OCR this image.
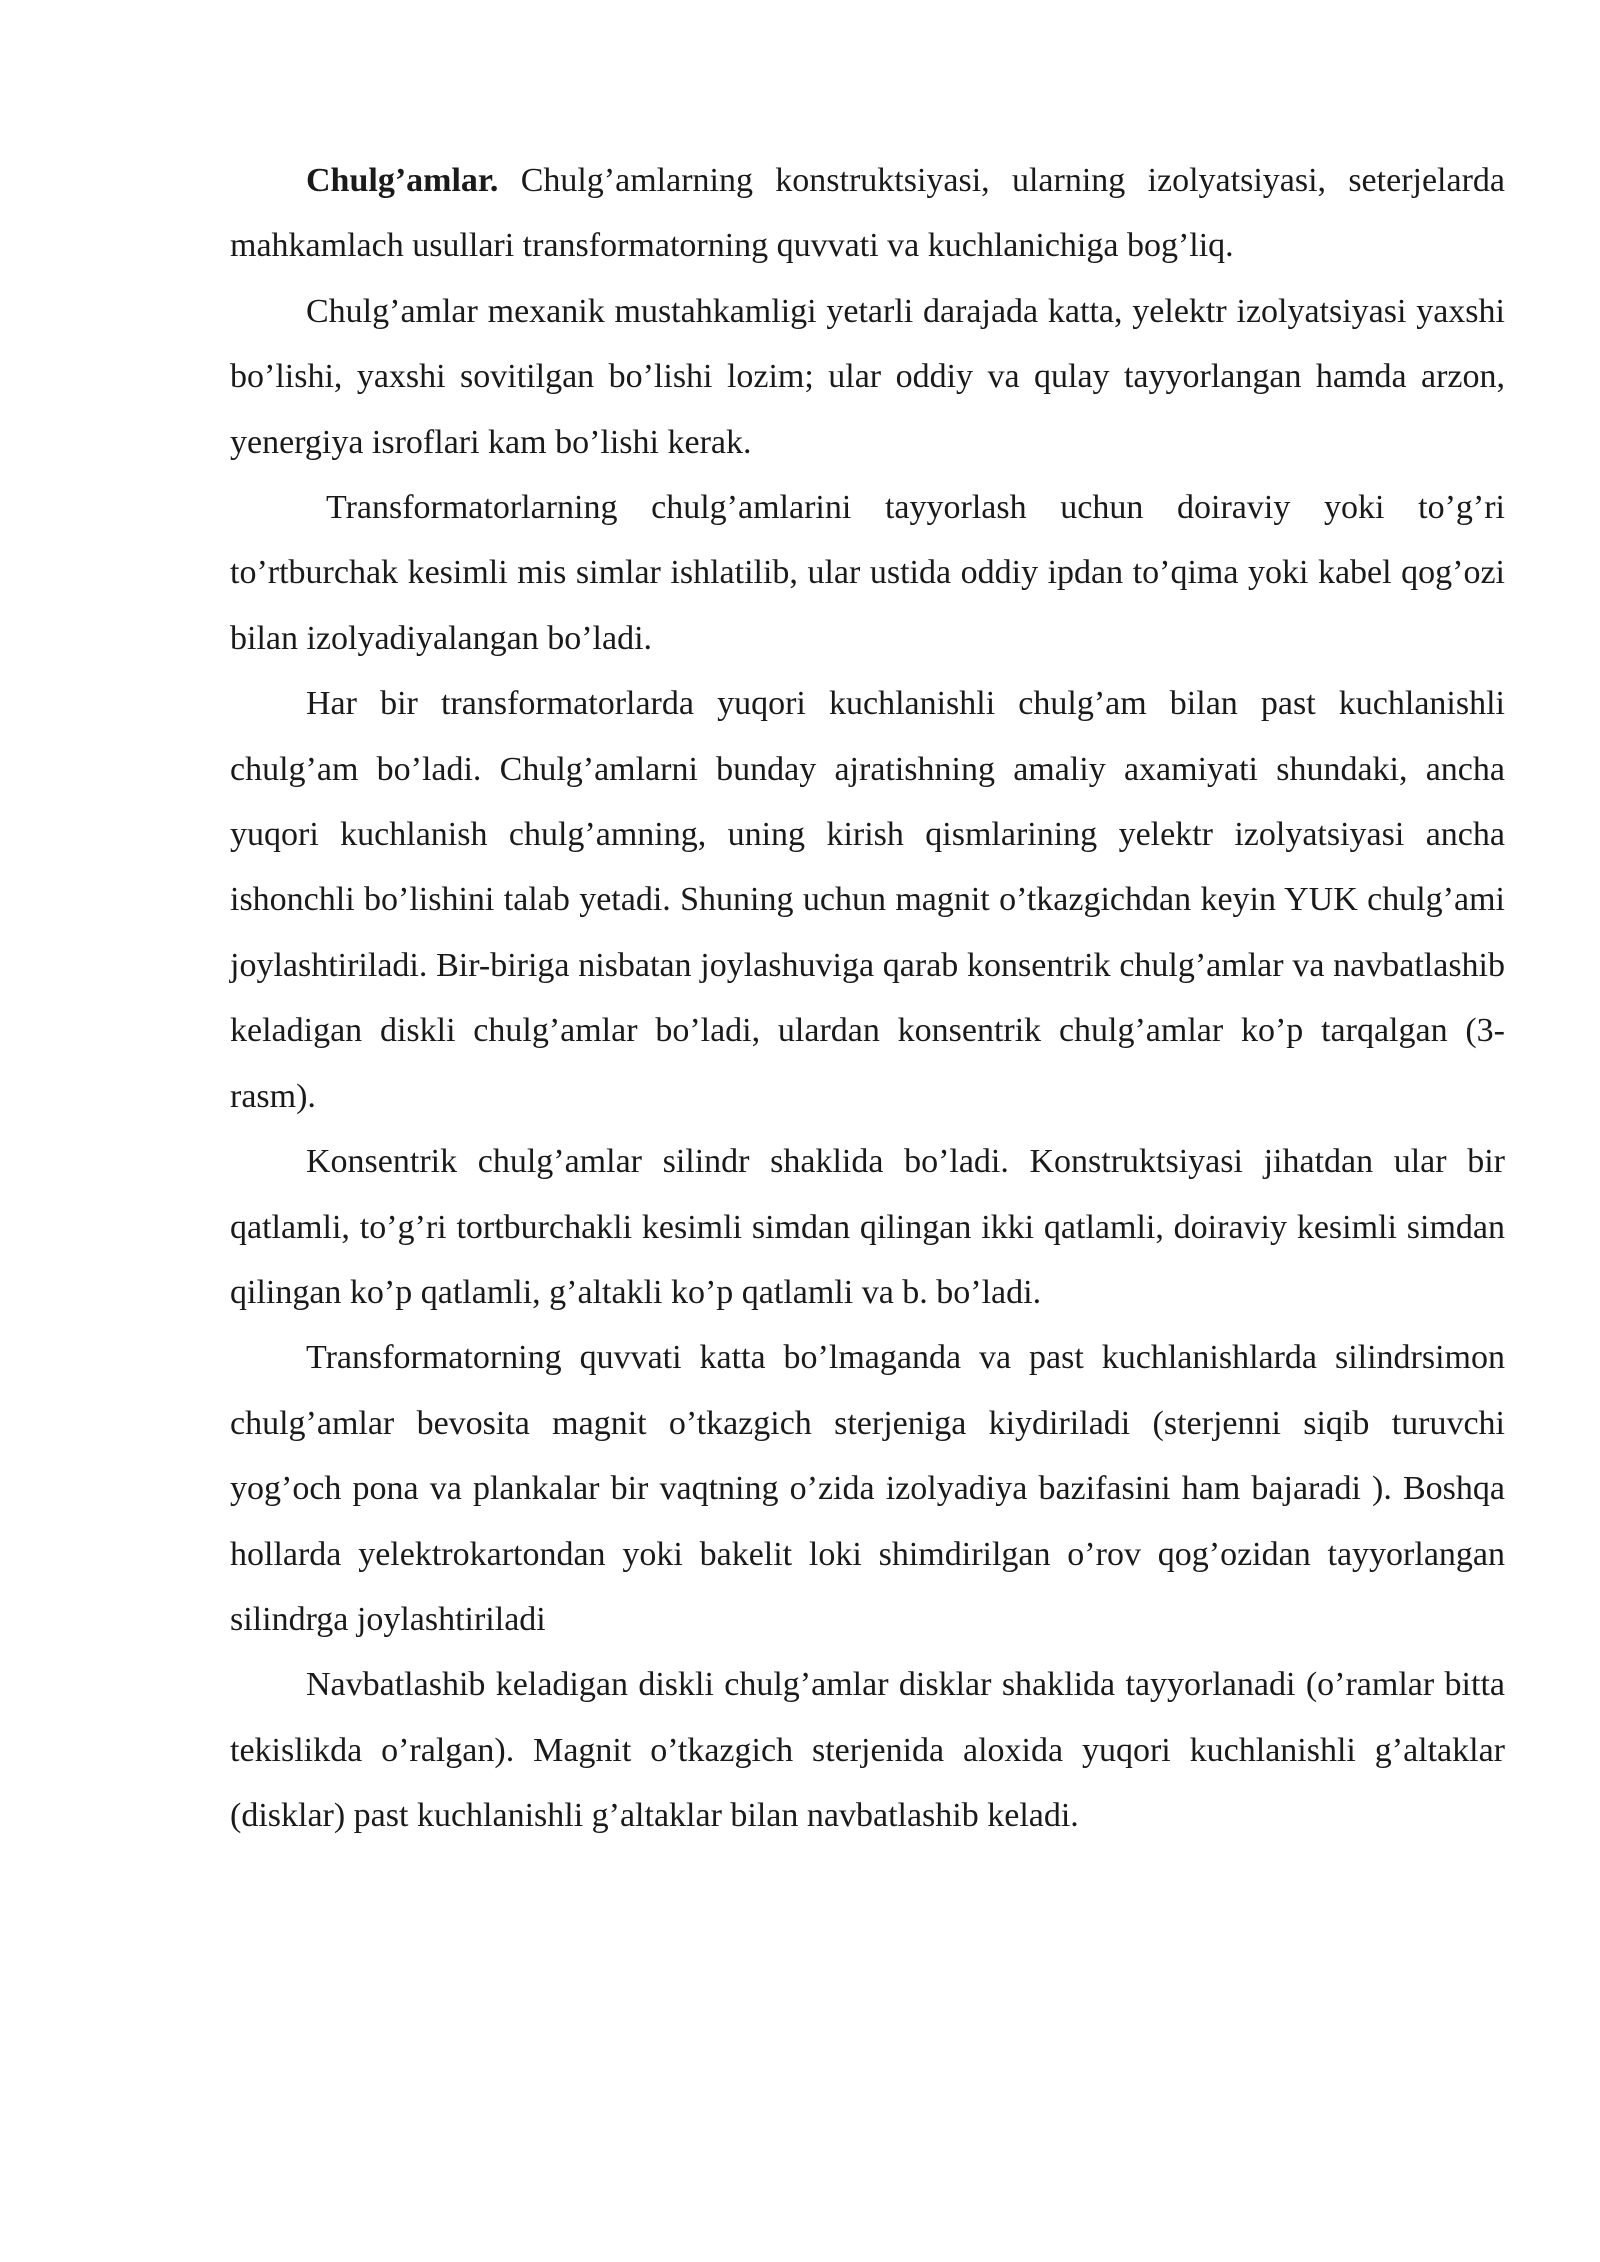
Chulg’amlar. Chulg’amlarning konstruktsiyasi, ularning izolyatsiyasi, seterjelarda mahkamlach usullari transformatorning quvvati va kuchlanichiga bog’liq.

Chulg’amlar mexanik mustahkamligi yetarli darajada katta, yelektr izolyatsiyasi yaxshi bo’lishi, yaxshi sovitilgan bo’lishi lozim; ular oddiy va qulay tayyorlangan hamda arzon, yenergiya isroflari kam bo’lishi kerak.

Transformatorlarning chulg’amlarini tayyorlash uchun doiraviy yoki to’g’ri to’rtburchak kesimli mis simlar ishlatilib, ular ustida oddiy ipdan to’qima yoki kabel qog’ozi bilan izolyadiyalangan bo’ladi.

Har bir transformatorlarda yuqori kuchlanishli chulg’am bilan past kuchlanishli chulg’am bo’ladi. Chulg’amlarni bunday ajratishning amaliy axamiyati shundaki, ancha yuqori kuchlanish chulg’amning, uning kirish qismlarining yelektr izolyatsiyasi ancha ishonchli bo’lishini talab yetadi. Shuning uchun magnit o’tkazgichdan keyin YUK chulg’ami joylashtiriladi. Bir-biriga nisbatan joylashuviga qarab konsentrik chulg’amlar va navbatlashib keladigan diskli chulg’amlar bo’ladi, ulardan konsentrik chulg’amlar ko’p tarqalgan (3-rasm).

Konsentrik chulg’amlar silindr shaklida bo’ladi. Konstruktsiyasi jihatdan ular bir qatlamli, to’g’ri tortburchakli kesimli simdan qilingan ikki qatlamli, doiraviy kesimli simdan qilingan ko’p qatlamli, g’altakli ko’p qatlamli va b. bo’ladi.

Transformatorning quvvati katta bo’lmaganda va past kuchlanishlarda silindrsimon chulg’amlar bevosita magnit o’tkazgich sterjeniga kiydiriladi (sterjenni siqib turuvchi yog’och pona va plankalar bir vaqtning o’zida izolyadiya bazifasini ham bajaradi ). Boshqa hollarda yelektrokartondan yoki bakelit loki shimdirilgan o’rov qog’ozidan tayyorlangan silindrga joylashtiriladi

Navbatlashib keladigan diskli chulg’amlar disklar shaklida tayyorlanadi (o’ramlar bitta tekislikda o’ralgan). Magnit o’tkazgich sterjenida aloxida yuqori kuchlanishli g’altaklar (disklar) past kuchlanishli g’altaklar bilan navbatlashib keladi.
